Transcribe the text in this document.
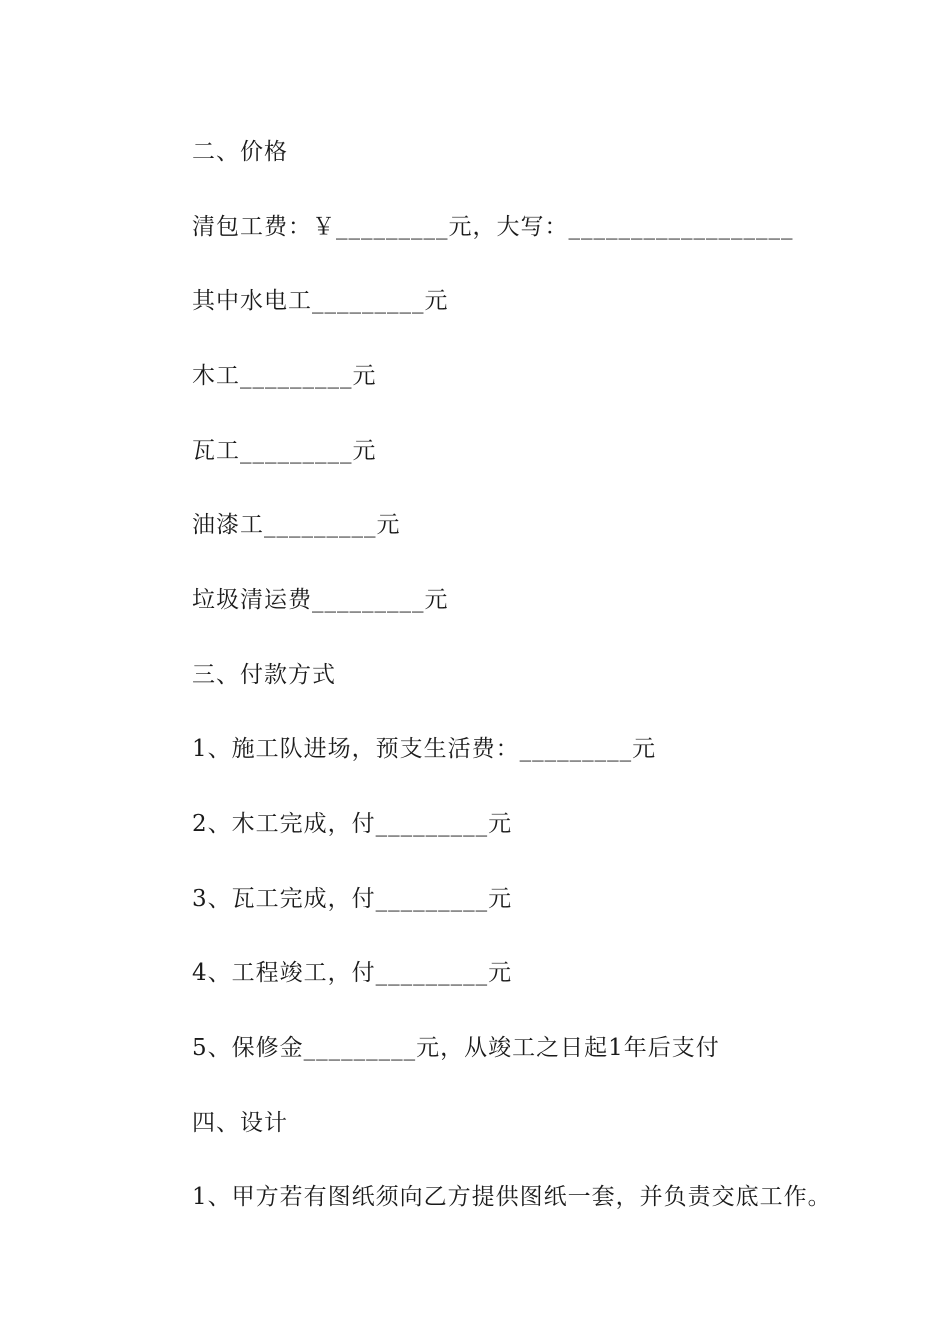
二、价格
清包工费：￥_________元，大写：__________________
其中水电工_________元
木工_________元
瓦工_________元
油漆工_________元
垃圾清运费_________元
三、付款方式
1、施工队进场，预支生活费：_________元
2、木工完成，付_________元
3、瓦工完成，付_________元
4、工程竣工，付_________元
5、保修金_________元，从竣工之日起1年后支付
四、设计
1、甲方若有图纸须向乙方提供图纸一套，并负责交底工作。
